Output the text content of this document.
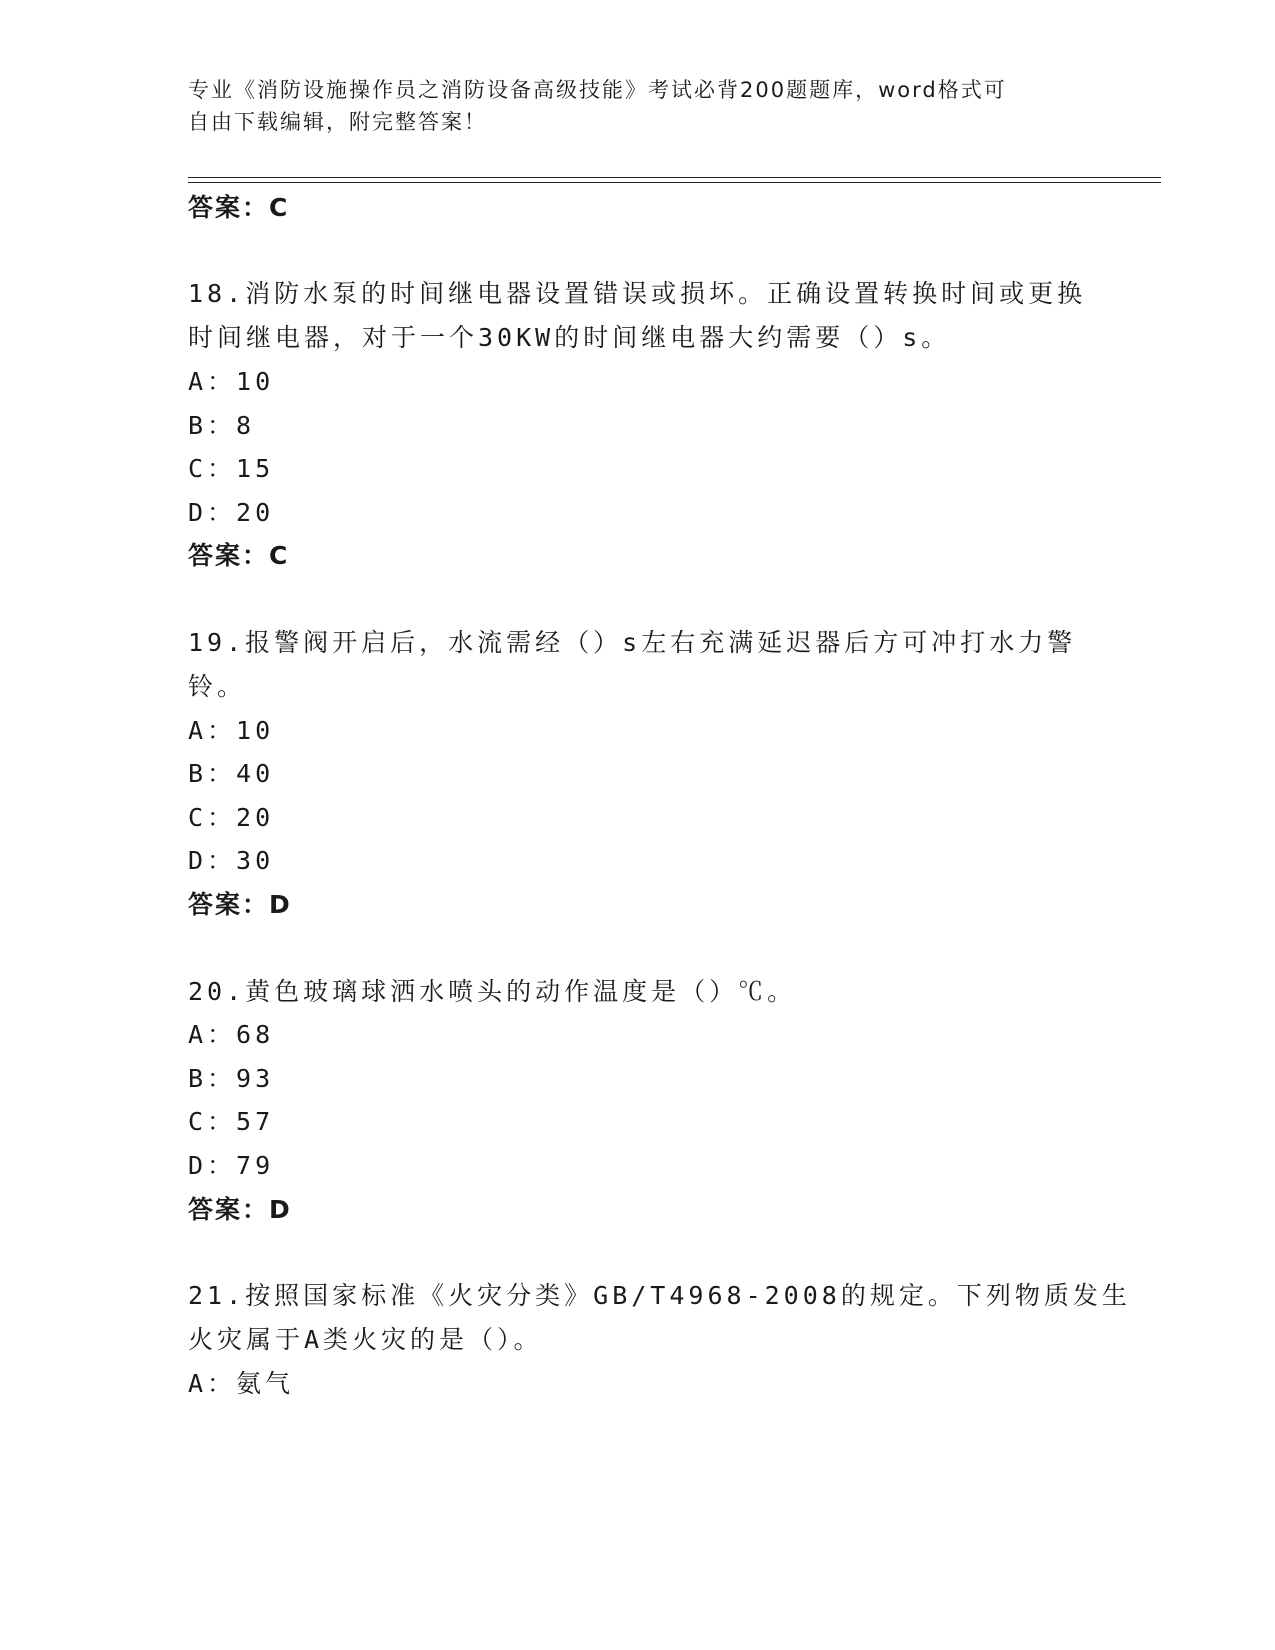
专业《消防设施操作员之消防设备高级技能》考试必背200题题库，word格式可
自由下载编辑，附完整答案！
答案：C
18.消防水泵的时间继电器设置错误或损坏。正确设置转换时间或更换
时间继电器，对于一个30KW的时间继电器大约需要（）s。
A：10
B：8
C：15
D：20
答案：C
19.报警阀开启后，水流需经（）s左右充满延迟器后方可冲打水力警
铃。
A：10
B：40
C：20
D：30
答案：D
20.黄色玻璃球洒水喷头的动作温度是（）℃。
A：68
B：93
C：57
D：79
答案：D
21.按照国家标准《火灾分类》GB/T4968-2008的规定。下列物质发生
火灾属于A类火灾的是（）。
A：氨气
